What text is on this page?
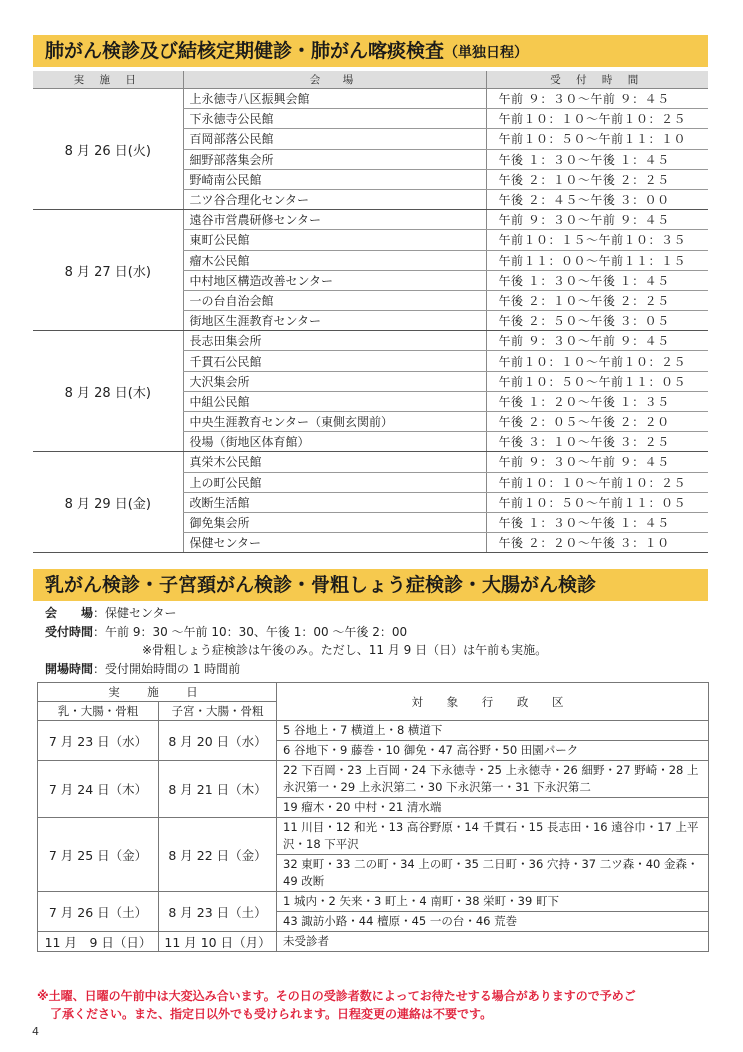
肺がん検診及び結核定期健診・肺がん喀痰検査（単独日程）
実 施 日	会　場	受 付 時 間
8 月 26 日(火)	上永徳寺八区振興会館	午前 ９：３０～午前 ９：４５
	下永徳寺公民館	午前１０：１０～午前１０：２５
	百岡部落公民館	午前１０：５０～午前１１：１０
	細野部落集会所	午後 １：３０～午後 １：４５
	野崎南公民館	午後 ２：１０～午後 ２：２５
	二ツ谷合理化センター	午後 ２：４５～午後 ３：００
8 月 27 日(水)	遠谷市営農研修センター	午前 ９：３０～午前 ９：４５
	東町公民館	午前１０：１５～午前１０：３５
	瘤木公民館	午前１１：００～午前１１：１５
	中村地区構造改善センター	午後 １：３０～午後 １：４５
	一の台自治会館	午後 ２：１０～午後 ２：２５
	街地区生涯教育センター	午後 ２：５０～午後 ３：０５
8 月 28 日(木)	長志田集会所	午前 ９：３０～午前 ９：４５
	千貫石公民館	午前１０：１０～午前１０：２５
	大沢集会所	午前１０：５０～午前１１：０５
	中組公民館	午後 １：２０～午後 １：３５
	中央生涯教育センター（東側玄関前）	午後 ２：０５～午後 ２：２０
	役場（街地区体育館）	午後 ３：１０～午後 ３：２５
8 月 29 日(金)	真栄木公民館	午前 ９：３０～午前 ９：４５
	上の町公民館	午前１０：１０～午前１０：２５
	改断生活館	午前１０：５０～午前１１：０５
	御免集会所	午後 １：３０～午後 １：４５
	保健センター	午後 ２：２０～午後 ３：１０
乳がん検診・子宮頚がん検診・骨粗しょう症検診・大腸がん検診
会　　場：保健センター
受付時間：午前 9：30 ～午前 10：30、午後 1：00 ～午後 2：00
※骨粗しょう症検診は午後のみ。ただし、11 月 9 日（日）は午前も実施。
開場時間：受付開始時間の 1 時間前
実　施　日		対 象 行 政 区
乳・大腸・骨粗	子宮・大腸・骨粗	
7 月 23 日（水）	8 月 20 日（水）	5 谷地上・7 横道上・8 横道下
		6 谷地下・9 藤巻・10 御免・47 高谷野・50 田園パーク
7 月 24 日（木）	8 月 21 日（木）	22 下百岡・23 上百岡・24 下永徳寺・25 上永徳寺・26 細野・27 野崎・28 上永沢第一・29 上永沢第二・30 下永沢第一・31 下永沢第二
		19 瘤木・20 中村・21 清水端
7 月 25 日（金）	8 月 22 日（金）	11 川目・12 和光・13 高谷野原・14 千貫石・15 長志田・16 遠谷巾・17 上平沢・18 下平沢
		32 東町・33 二の町・34 上の町・35 二日町・36 穴持・37 二ツ森・40 金森・49 改断
7 月 26 日（土）	8 月 23 日（土）	1 城内・2 矢来・3 町上・4 南町・38 栄町・39 町下
		43 諏訪小路・44 檀原・45 一の台・46 荒巻
11 月　9 日（日）	11 月 10 日（月）	未受診者
※土曜、日曜の午前中は大変込み合います。その日の受診者数によってお待たせする場合がありますので予めご
了承ください。また、指定日以外でも受けられます。日程変更の連絡は不要です。
4
